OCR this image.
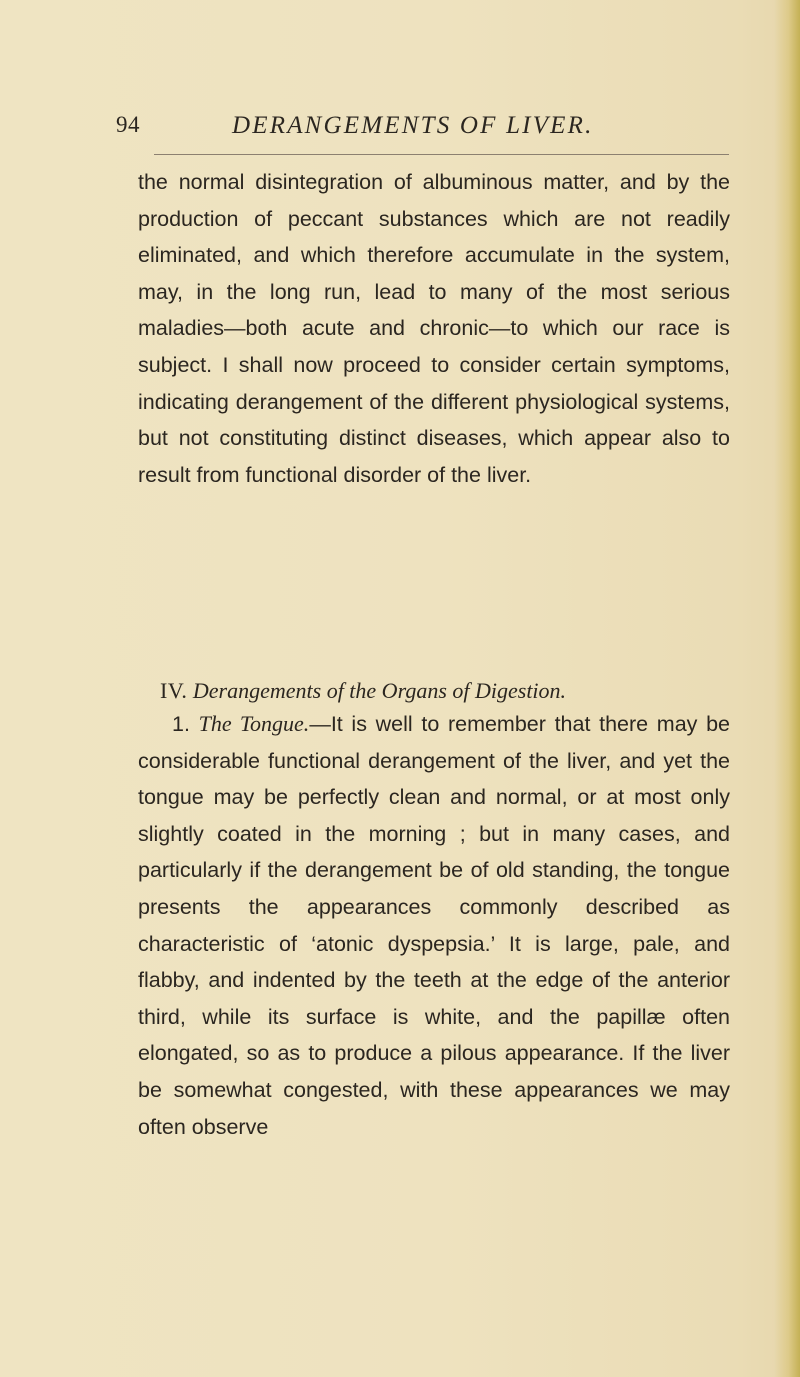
94	DERANGEMENTS OF LIVER.

the normal disintegration of albuminous matter, and by the production of peccant substances which are not readily eliminated, and which therefore accumulate in the system, may, in the long run, lead to many of the most serious maladies—both acute and chronic—to which our race is subject. I shall now proceed to consider certain symptoms, indicating derangement of the different physiological systems, but not constituting distinct diseases, which appear also to result from functional disorder of the liver.

IV. Derangements of the Organs of Digestion.

1. The Tongue.—It is well to remember that there may be considerable functional derangement of the liver, and yet the tongue may be perfectly clean and normal, or at most only slightly coated in the morning ; but in many cases, and particularly if the derangement be of old standing, the tongue presents the appearances commonly described as characteristic of ‘atonic dyspepsia.’ It is large, pale, and flabby, and indented by the teeth at the edge of the anterior third, while its surface is white, and the papillæ often elongated, so as to produce a pilous appearance. If the liver be somewhat congested, with these appearances we may often observe
